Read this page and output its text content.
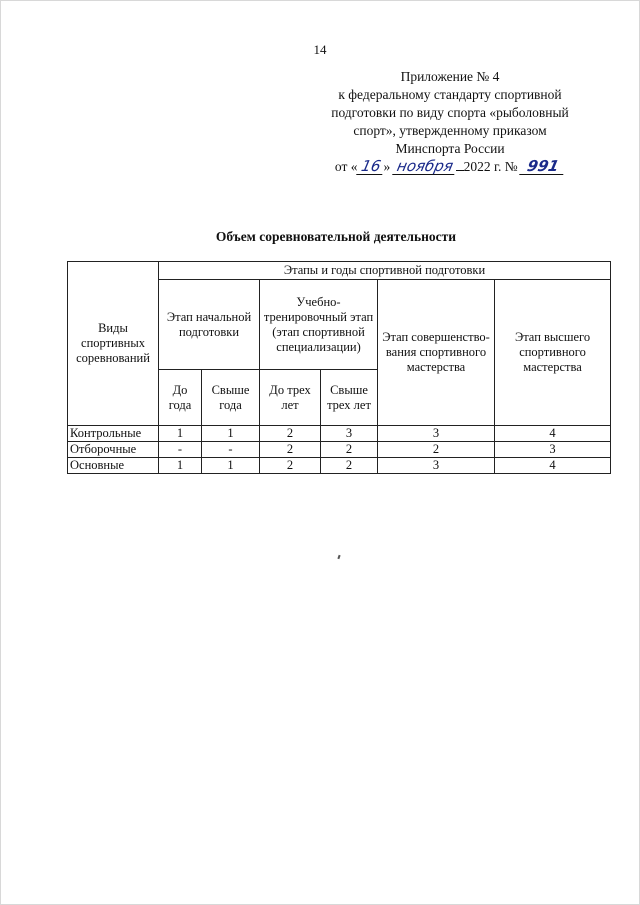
14
Приложение № 4
к федеральному стандарту спортивной
подготовки по виду спорта «рыболовный
спорт», утвержденному приказом
Минспорта России
от « 16» ноября 2022 г. № 991
Объем соревновательной деятельности
Виды спортивных соревнований	Этапы и годы спортивной подготовки					
	Этап начальной подготовки		Учебно-тренировочный этап (этап спортивной специализации)		Этап совершенство-вания спортивного мастерства	Этап высшего спортивного мастерства
	До года	Свыше года	До трех лет	Свыше трех лет		
Контрольные	1	1	2	3	3	4
Отборочные	-	-	2	2	2	3
Основные	1	1	2	2	3	4
